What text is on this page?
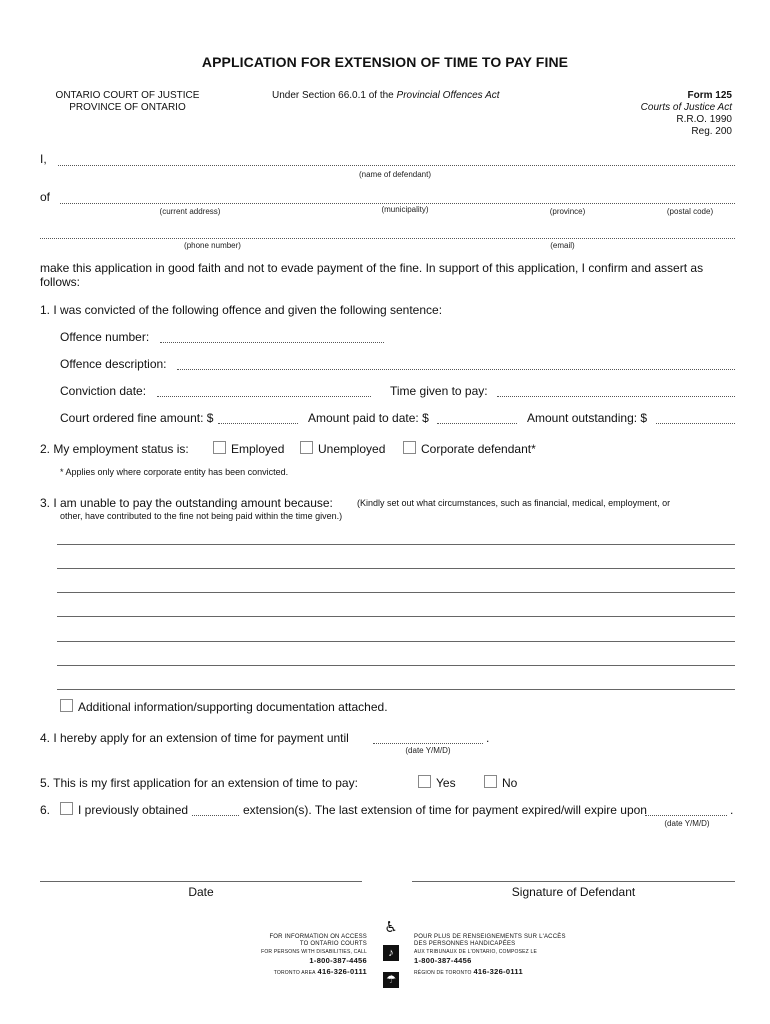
APPLICATION FOR EXTENSION OF TIME TO PAY FINE
ONTARIO COURT OF JUSTICE
PROVINCE OF ONTARIO
Under Section 66.0.1 of the Provincial Offences Act	Form 125
Courts of Justice Act
R.R.O. 1990
Reg. 200
I,
(name of defendant)
of
(current address)	(municipality)	(province)	(postal code)
(phone number)	(email)
make this application in good faith and not to evade payment of the fine. In support of this application, I confirm and assert as follows:
1. I was convicted of the following offence and given the following sentence:
Offence number:
Offence description:
Conviction date:	Time given to pay:
Court ordered fine amount: $	Amount paid to date: $	Amount outstanding: $
2. My employment status is:	Employed	Unemployed	Corporate defendant*
* Applies only where corporate entity has been convicted.
3. I am unable to pay the outstanding amount because:	(Kindly set out what circumstances, such as financial, medical, employment, or
other, have contributed to the fine not being paid within the time given.)
Additional information/supporting documentation attached.
4. I hereby apply for an extension of time for payment until	.
(date Y/M/D)
5. This is my first application for an extension of time to pay:	Yes	No
6. I previously obtained	extension(s). The last extension of time for payment expired/will expire upon	.
(date Y/M/D)
Date	Signature of Defendant
FOR INFORMATION ON ACCESS
TO ONTARIO COURTS
FOR PERSONS WITH DISABILITIES, CALL
1-800-387-4456
TORONTO AREA 416-326-0111
♿
♪
☂
POUR PLUS DE RENSEIGNEMENTS SUR L'ACCÈS
DES PERSONNES HANDICAPÉES
AUX TRIBUNAUX DE L'ONTARIO, COMPOSEZ LE
1-800-387-4456
RÉGION DE TORONTO 416-326-0111
